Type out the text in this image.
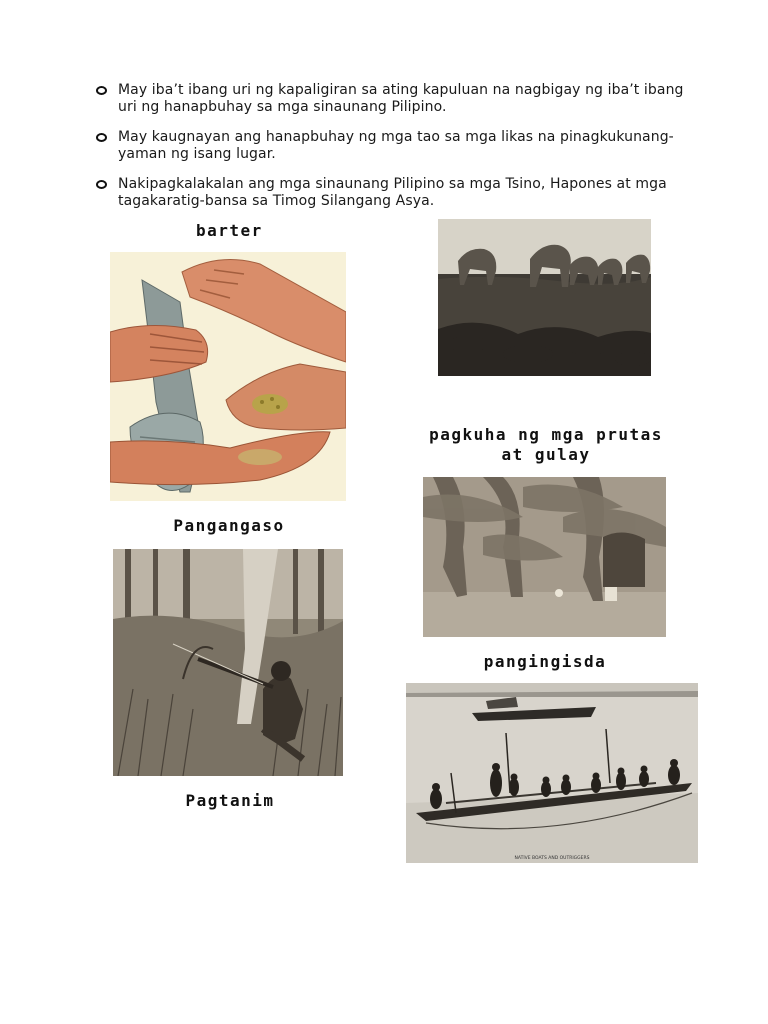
May iba’t ibang uri ng kapaligiran sa ating kapuluan na nagbigay ng iba’t ibang uri ng hanapbuhay sa mga sinaunang Pilipino.
May kaugnayan ang hanapbuhay ng mga tao sa mga likas na pinagkukunang-yaman ng isang lugar.
Nakipagkalakalan ang mga sinaunang Pilipino sa mga Tsino, Hapones at mga tagakaratig-bansa sa Timog Silangang Asya.
barter
pagkuha ng mga prutas
at gulay
Pangangaso
pangingisda
Pagtanim
NATIVE BOATS AND OUTRIGGERS
